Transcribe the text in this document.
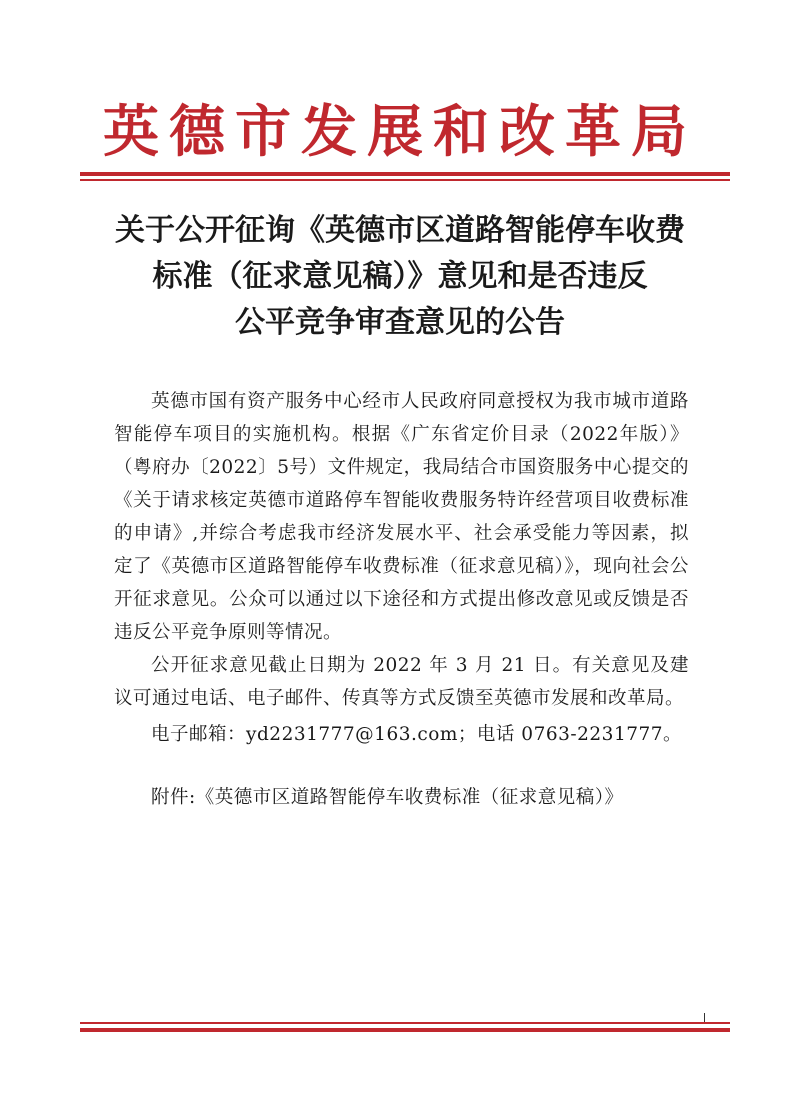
英德市发展和改革局
关于公开征询《英德市区道路智能停车收费
标准（征求意见稿）》意见和是否违反
公平竞争审查意见的公告

英德市国有资产服务中心经市人民政府同意授权为我市城市道路智能停车项目的实施机构。根据《广东省定价目录（2022年版）》（粤府办〔2022〕5号）文件规定，我局结合市国资服务中心提交的《关于请求核定英德市道路停车智能收费服务特许经营项目收费标准的申请》,并综合考虑我市经济发展水平、社会承受能力等因素，拟定了《英德市区道路智能停车收费标准（征求意见稿）》，现向社会公开征求意见。公众可以通过以下途径和方式提出修改意见或反馈是否违反公平竞争原则等情况。

公开征求意见截止日期为 2022 年 3 月 21 日。有关意见及建议可通过电话、电子邮件、传真等方式反馈至英德市发展和改革局。

电子邮箱：yd2231777@163.com；电话 0763-2231777。

附件:《英德市区道路智能停车收费标准（征求意见稿）》
